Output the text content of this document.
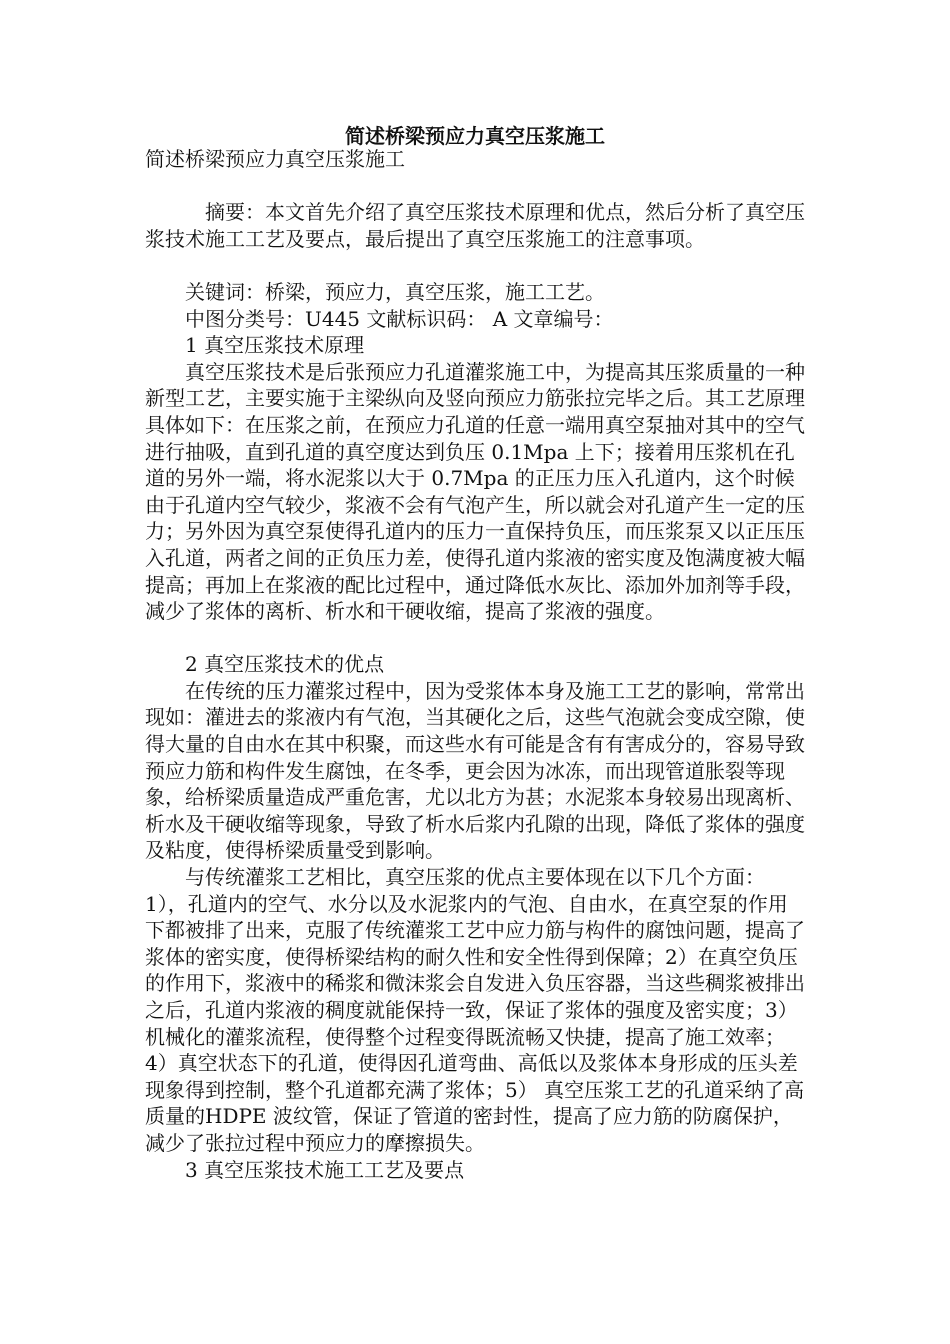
简述桥梁预应力真空压浆施工

简述桥梁预应力真空压浆施工

摘要：本文首先介绍了真空压浆技术原理和优点，然后分析了真空压浆技术施工工艺及要点，最后提出了真空压浆施工的注意事项。

关键词：桥梁，预应力，真空压浆，施工工艺。

中图分类号：U445 文献标识码： A 文章编号：

1 真空压浆技术原理

真空压浆技术是后张预应力孔道灌浆施工中，为提高其压浆质量的一种新型工艺，主要实施于主梁纵向及竖向预应力筋张拉完毕之后。其工艺原理具体如下：在压浆之前，在预应力孔道的任意一端用真空泵抽对其中的空气进行抽吸，直到孔道的真空度达到负压 0.1Mpa 上下；接着用压浆机在孔道的另外一端，将水泥浆以大于 0.7Mpa 的正压力压入孔道内，这个时候由于孔道内空气较少，浆液不会有气泡产生，所以就会对孔道产生一定的压力；另外因为真空泵使得孔道内的压力一直保持负压，而压浆泵又以正压压入孔道，两者之间的正负压力差，使得孔道内浆液的密实度及饱满度被大幅提高；再加上在浆液的配比过程中，通过降低水灰比、添加外加剂等手段，减少了浆体的离析、析水和干硬收缩，提高了浆液的强度。

2 真空压浆技术的优点

在传统的压力灌浆过程中，因为受浆体本身及施工工艺的影响，常常出现如：灌进去的浆液内有气泡，当其硬化之后，这些气泡就会变成空隙，使得大量的自由水在其中积聚，而这些水有可能是含有有害成分的，容易导致预应力筋和构件发生腐蚀，在冬季，更会因为冰冻，而出现管道胀裂等现象，给桥梁质量造成严重危害，尤以北方为甚；水泥浆本身较易出现离析、析水及干硬收缩等现象，导致了析水后浆内孔隙的出现，降低了浆体的强度及粘度，使得桥梁质量受到影响。

与传统灌浆工艺相比，真空压浆的优点主要体现在以下几个方面：1），孔道内的空气、水分以及水泥浆内的气泡、自由水，在真空泵的作用下都被排了出来，克服了传统灌浆工艺中应力筋与构件的腐蚀问题，提高了浆体的密实度，使得桥梁结构的耐久性和安全性得到保障；2）在真空负压的作用下，浆液中的稀浆和微沫浆会自发进入负压容器，当这些稠浆被排出之后，孔道内浆液的稠度就能保持一致，保证了浆体的强度及密实度；3）机械化的灌浆流程，使得整个过程变得既流畅又快捷，提高了施工效率；4）真空状态下的孔道，使得因孔道弯曲、高低以及浆体本身形成的压头差现象得到控制，整个孔道都充满了浆体；5） 真空压浆工艺的孔道采纳了高质量的HDPE 波纹管，保证了管道的密封性，提高了应力筋的防腐保护，减少了张拉过程中预应力的摩擦损失。

3 真空压浆技术施工工艺及要点
